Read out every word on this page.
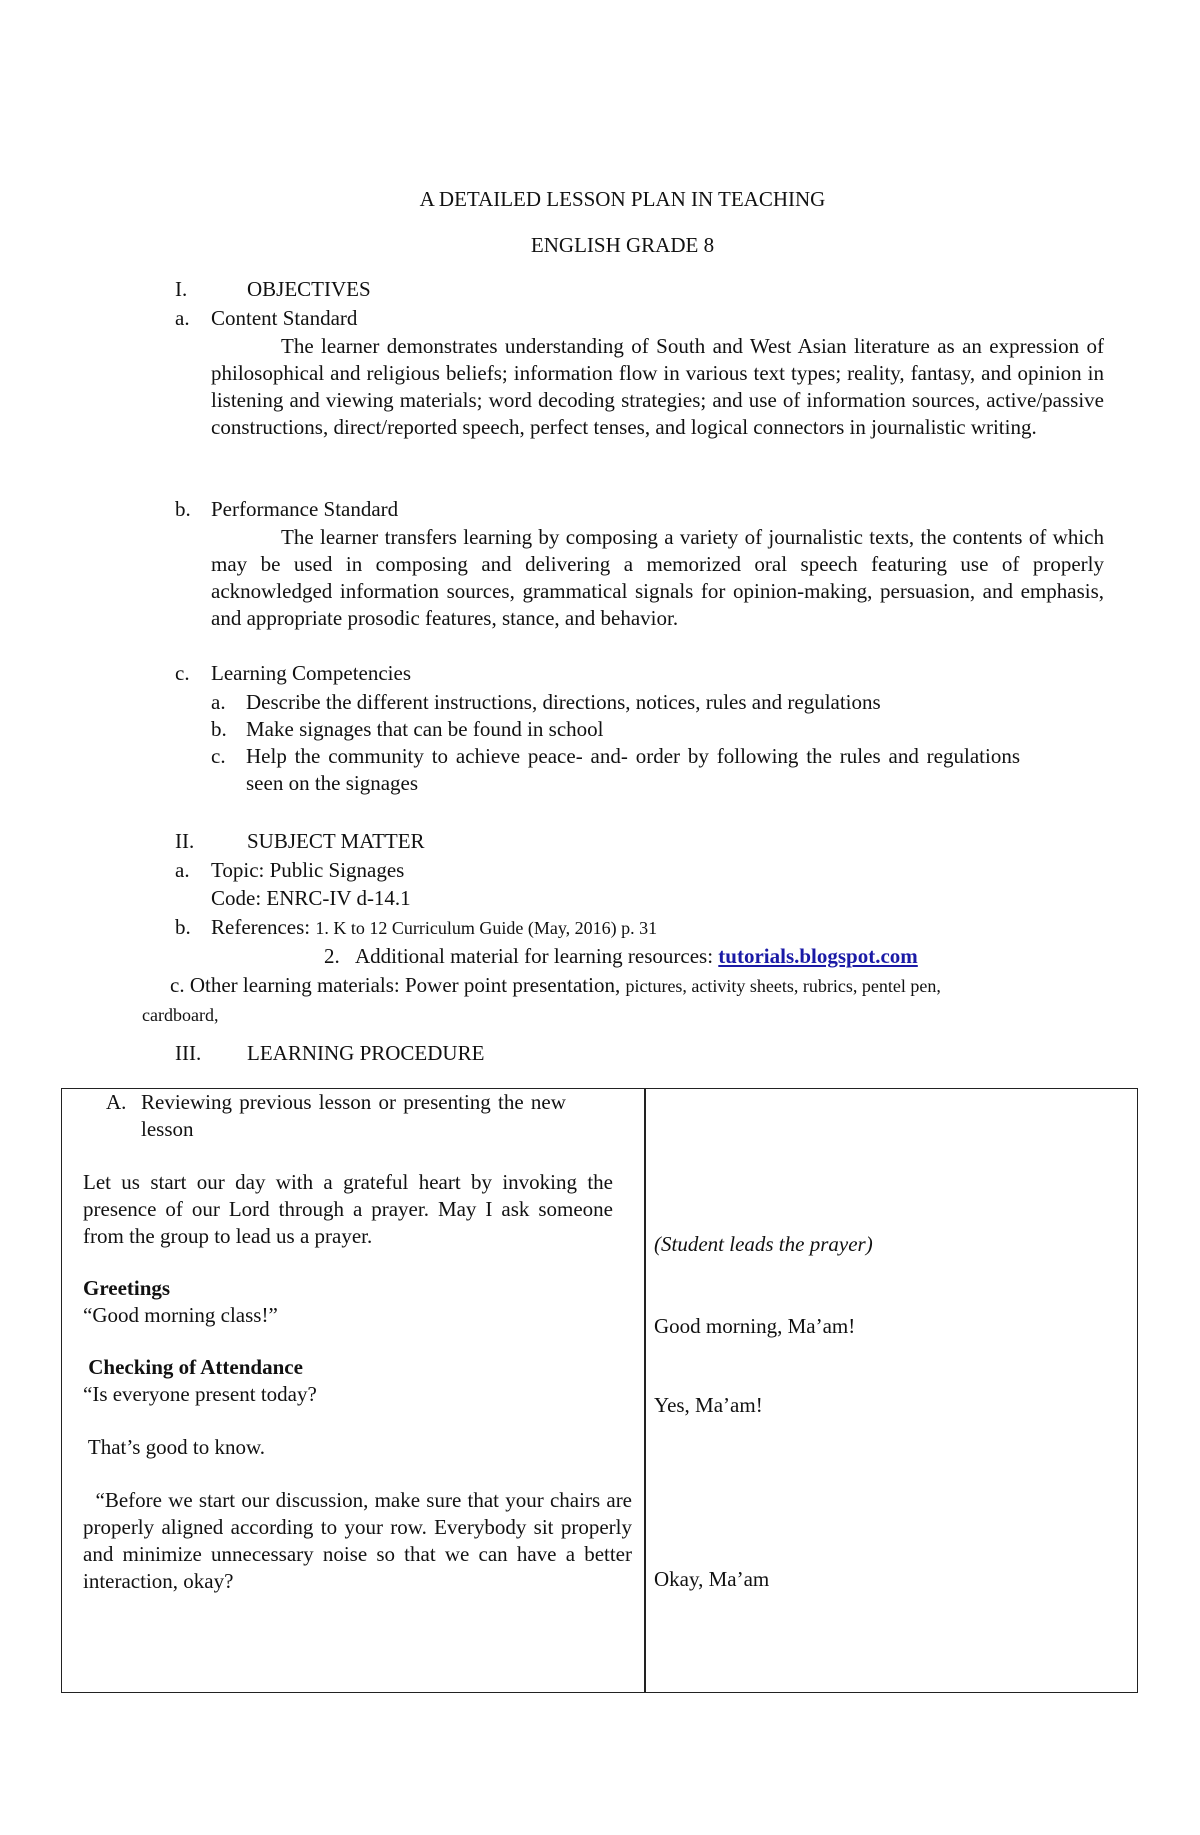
A DETAILED LESSON PLAN IN TEACHING
ENGLISH GRADE 8
I.	OBJECTIVES
a. Content Standard
The learner demonstrates understanding of South and West Asian literature as an expression of philosophical and religious beliefs; information flow in various text types; reality, fantasy, and opinion in listening and viewing materials; word decoding strategies; and use of information sources, active/passive constructions, direct/reported speech, perfect tenses, and logical connectors in journalistic writing.
b. Performance Standard
The learner transfers learning by composing a variety of journalistic texts, the contents of which may be used in composing and delivering a memorized oral speech featuring use of properly acknowledged information sources, grammatical signals for opinion-making, persuasion, and emphasis, and appropriate prosodic features, stance, and behavior.
c. Learning Competencies
a. Describe the different instructions, directions, notices, rules and regulations
b. Make signages that can be found in school
c. Help the community to achieve peace- and- order by following the rules and regulations seen on the signages
II.	SUBJECT MATTER
a. Topic: Public Signages
Code: ENRC-IV d-14.1
b. References: 1. K to 12 Curriculum Guide (May, 2016) p. 31
2. Additional material for learning resources: tutorials.blogspot.com
c. Other learning materials: Power point presentation, pictures, activity sheets, rubrics, pentel pen,
cardboard,
III. LEARNING PROCEDURE
A. Reviewing previous lesson or presenting the new
lesson
Let us start our day with a grateful heart by invoking the presence of our Lord through a prayer. May I ask someone from the group to lead us a prayer.
Greetings
“Good morning class!”
Checking of Attendance
“Is everyone present today?
That’s good to know.
“Before we start our discussion, make sure that your chairs are properly aligned according to your row. Everybody sit properly and minimize unnecessary noise so that we can have a better interaction, okay?
(Student leads the prayer)
Good morning, Ma’am!
Yes, Ma’am!
Okay, Ma’am
